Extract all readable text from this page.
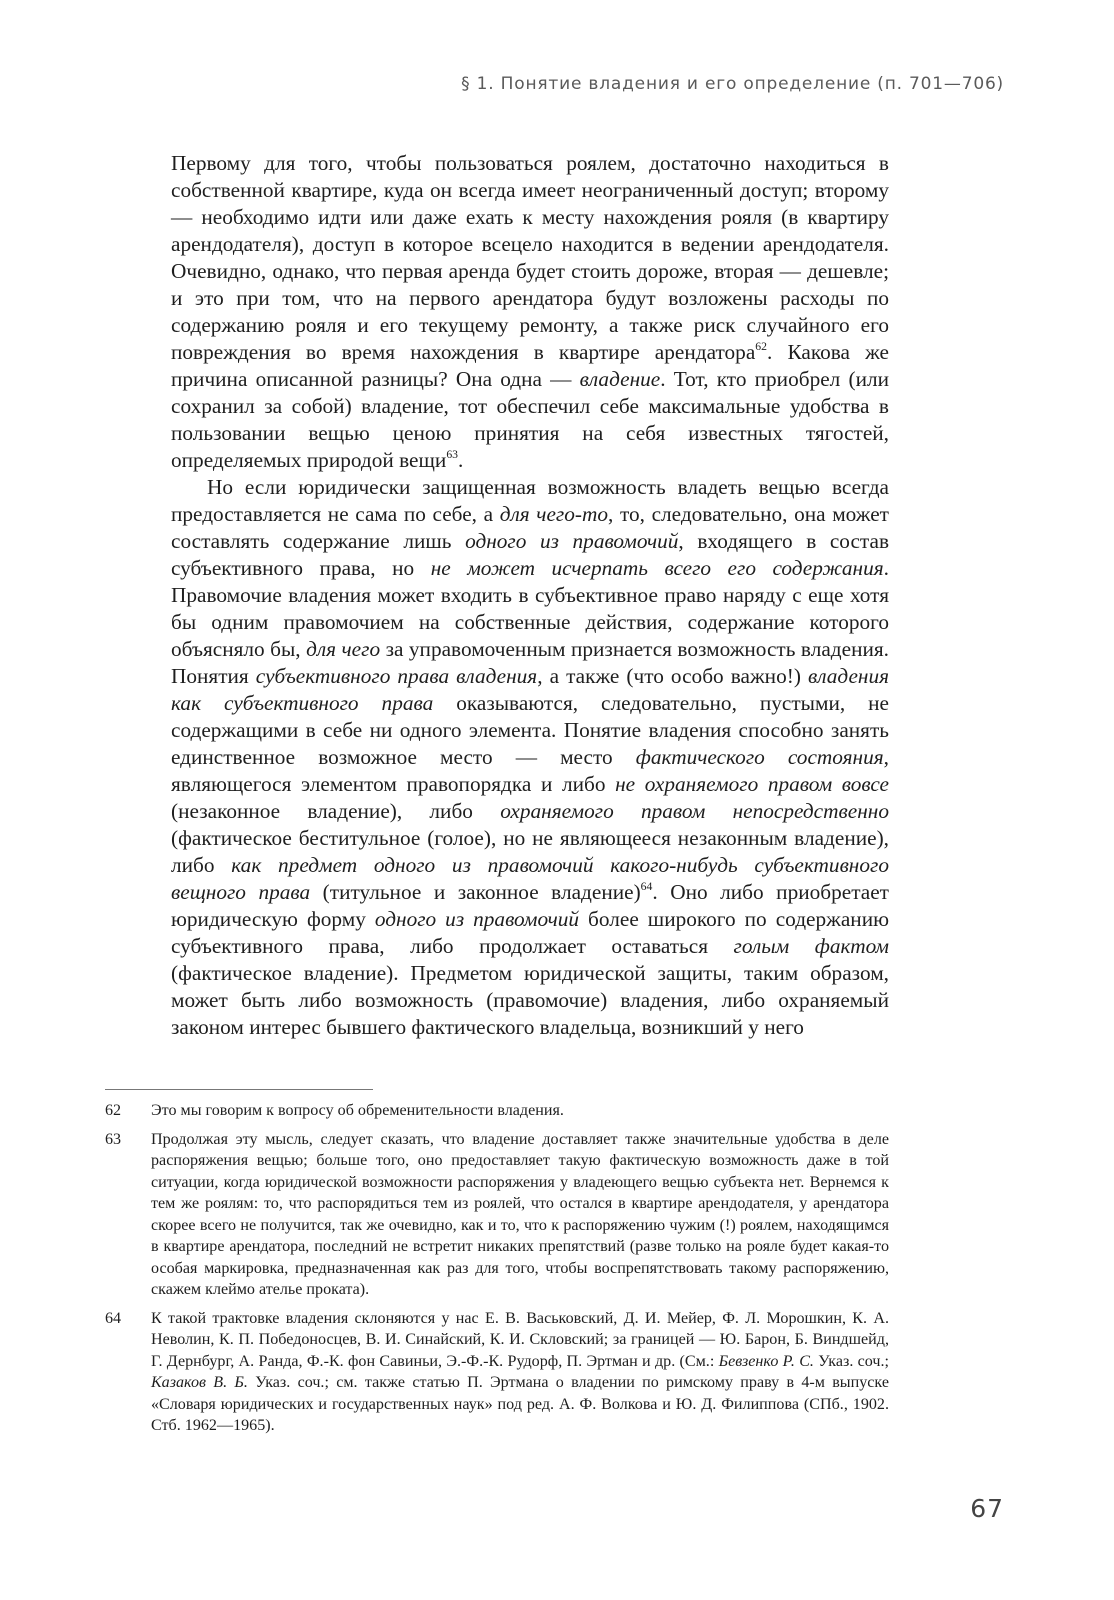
§ 1. Понятие владения и его определение (п. 701—706)

Первому для того, чтобы пользоваться роялем, достаточно находиться в собственной квартире, куда он всегда имеет неограниченный доступ; второму — необходимо идти или даже ехать к месту нахождения рояля (в квартиру арендодателя), доступ в которое всецело находится в ведении арендодателя. Очевидно, однако, что первая аренда будет стоить дороже, вторая — дешевле; и это при том, что на первого арендатора будут возложены расходы по содержанию рояля и его текущему ремонту, а также риск случайного его повреждения во время нахождения в квартире арендатора$^{62}$. Какова же причина описанной разницы? Она одна — владение. Тот, кто приобрел (или сохранил за собой) владение, тот обеспечил себе максимальные удобства в пользовании вещью ценою принятия на себя известных тягостей, определяемых природой вещи$^{63}$.

Но если юридически защищенная возможность владеть вещью всегда предоставляется не сама по себе, а для чего-то, то, следовательно, она может составлять содержание лишь одного из правомочий, входящего в состав субъективного права, но не может исчерпать всего его содержания. Правомочие владения может входить в субъективное право наряду с еще хотя бы одним правомочием на собственные действия, содержание которого объясняло бы, для чего за управомоченным признается возможность владения. Понятия субъективного права владения, а также (что особо важно!) владения как субъективного права оказываются, следовательно, пустыми, не содержащими в себе ни одного элемента. Понятие владения способно занять единственное возможное место — место фактического состояния, являющегося элементом правопорядка и либо не охраняемого правом вовсе (незаконное владение), либо охраняемого правом непосредственно (фактическое беститульное (голое), но не являющееся незаконным владение), либо как предмет одного из правомочий какого-нибудь субъективного вещного права (титульное и законное владение)$^{64}$. Оно либо приобретает юридическую форму одного из правомочий более широкого по содержанию субъективного права, либо продолжает оставаться голым фактом (фактическое владение). Предметом юридической защиты, таким образом, может быть либо возможность (правомочие) владения, либо охраняемый законом интерес бывшего фактического владельца, возникший у него

62	Это мы говорим к вопросу об обременительности владения.
63	Продолжая эту мысль, следует сказать, что владение доставляет также значительные удобства в деле распоряжения вещью; больше того, оно предоставляет такую фактическую возможность даже в той ситуации, когда юридической возможности распоряжения у владеющего вещью субъекта нет. Вернемся к тем же роялям: то, что распорядиться тем из роялей, что остался в квартире арендодателя, у арендатора скорее всего не получится, так же очевидно, как и то, что к распоряжению чужим (!) роялем, находящимся в квартире арендатора, последний не встретит никаких препятствий (разве только на рояле будет какая-то особая маркировка, предназначенная как раз для того, чтобы воспрепятствовать такому распоряжению, скажем клеймо ателье проката).
64	К такой трактовке владения склоняются у нас Е. В. Васьковский, Д. И. Мейер, Ф. Л. Морошкин, К. А. Неволин, К. П. Победоносцев, В. И. Синайский, К. И. Скловский; за границей — Ю. Барон, Б. Виндшейд, Г. Дернбург, А. Ранда, Ф.-К. фон Савиньи, Э.-Ф.-К. Рудорф, П. Эртман и др. (См.: Бевзенко Р. С. Указ. соч.; Казаков В. Б. Указ. соч.; см. также статью П. Эртмана о владении по римскому праву в 4-м выпуске «Словаря юридических и государственных наук» под ред. А. Ф. Волкова и Ю. Д. Филиппова (СПб., 1902. Стб. 1962—1965).
67
